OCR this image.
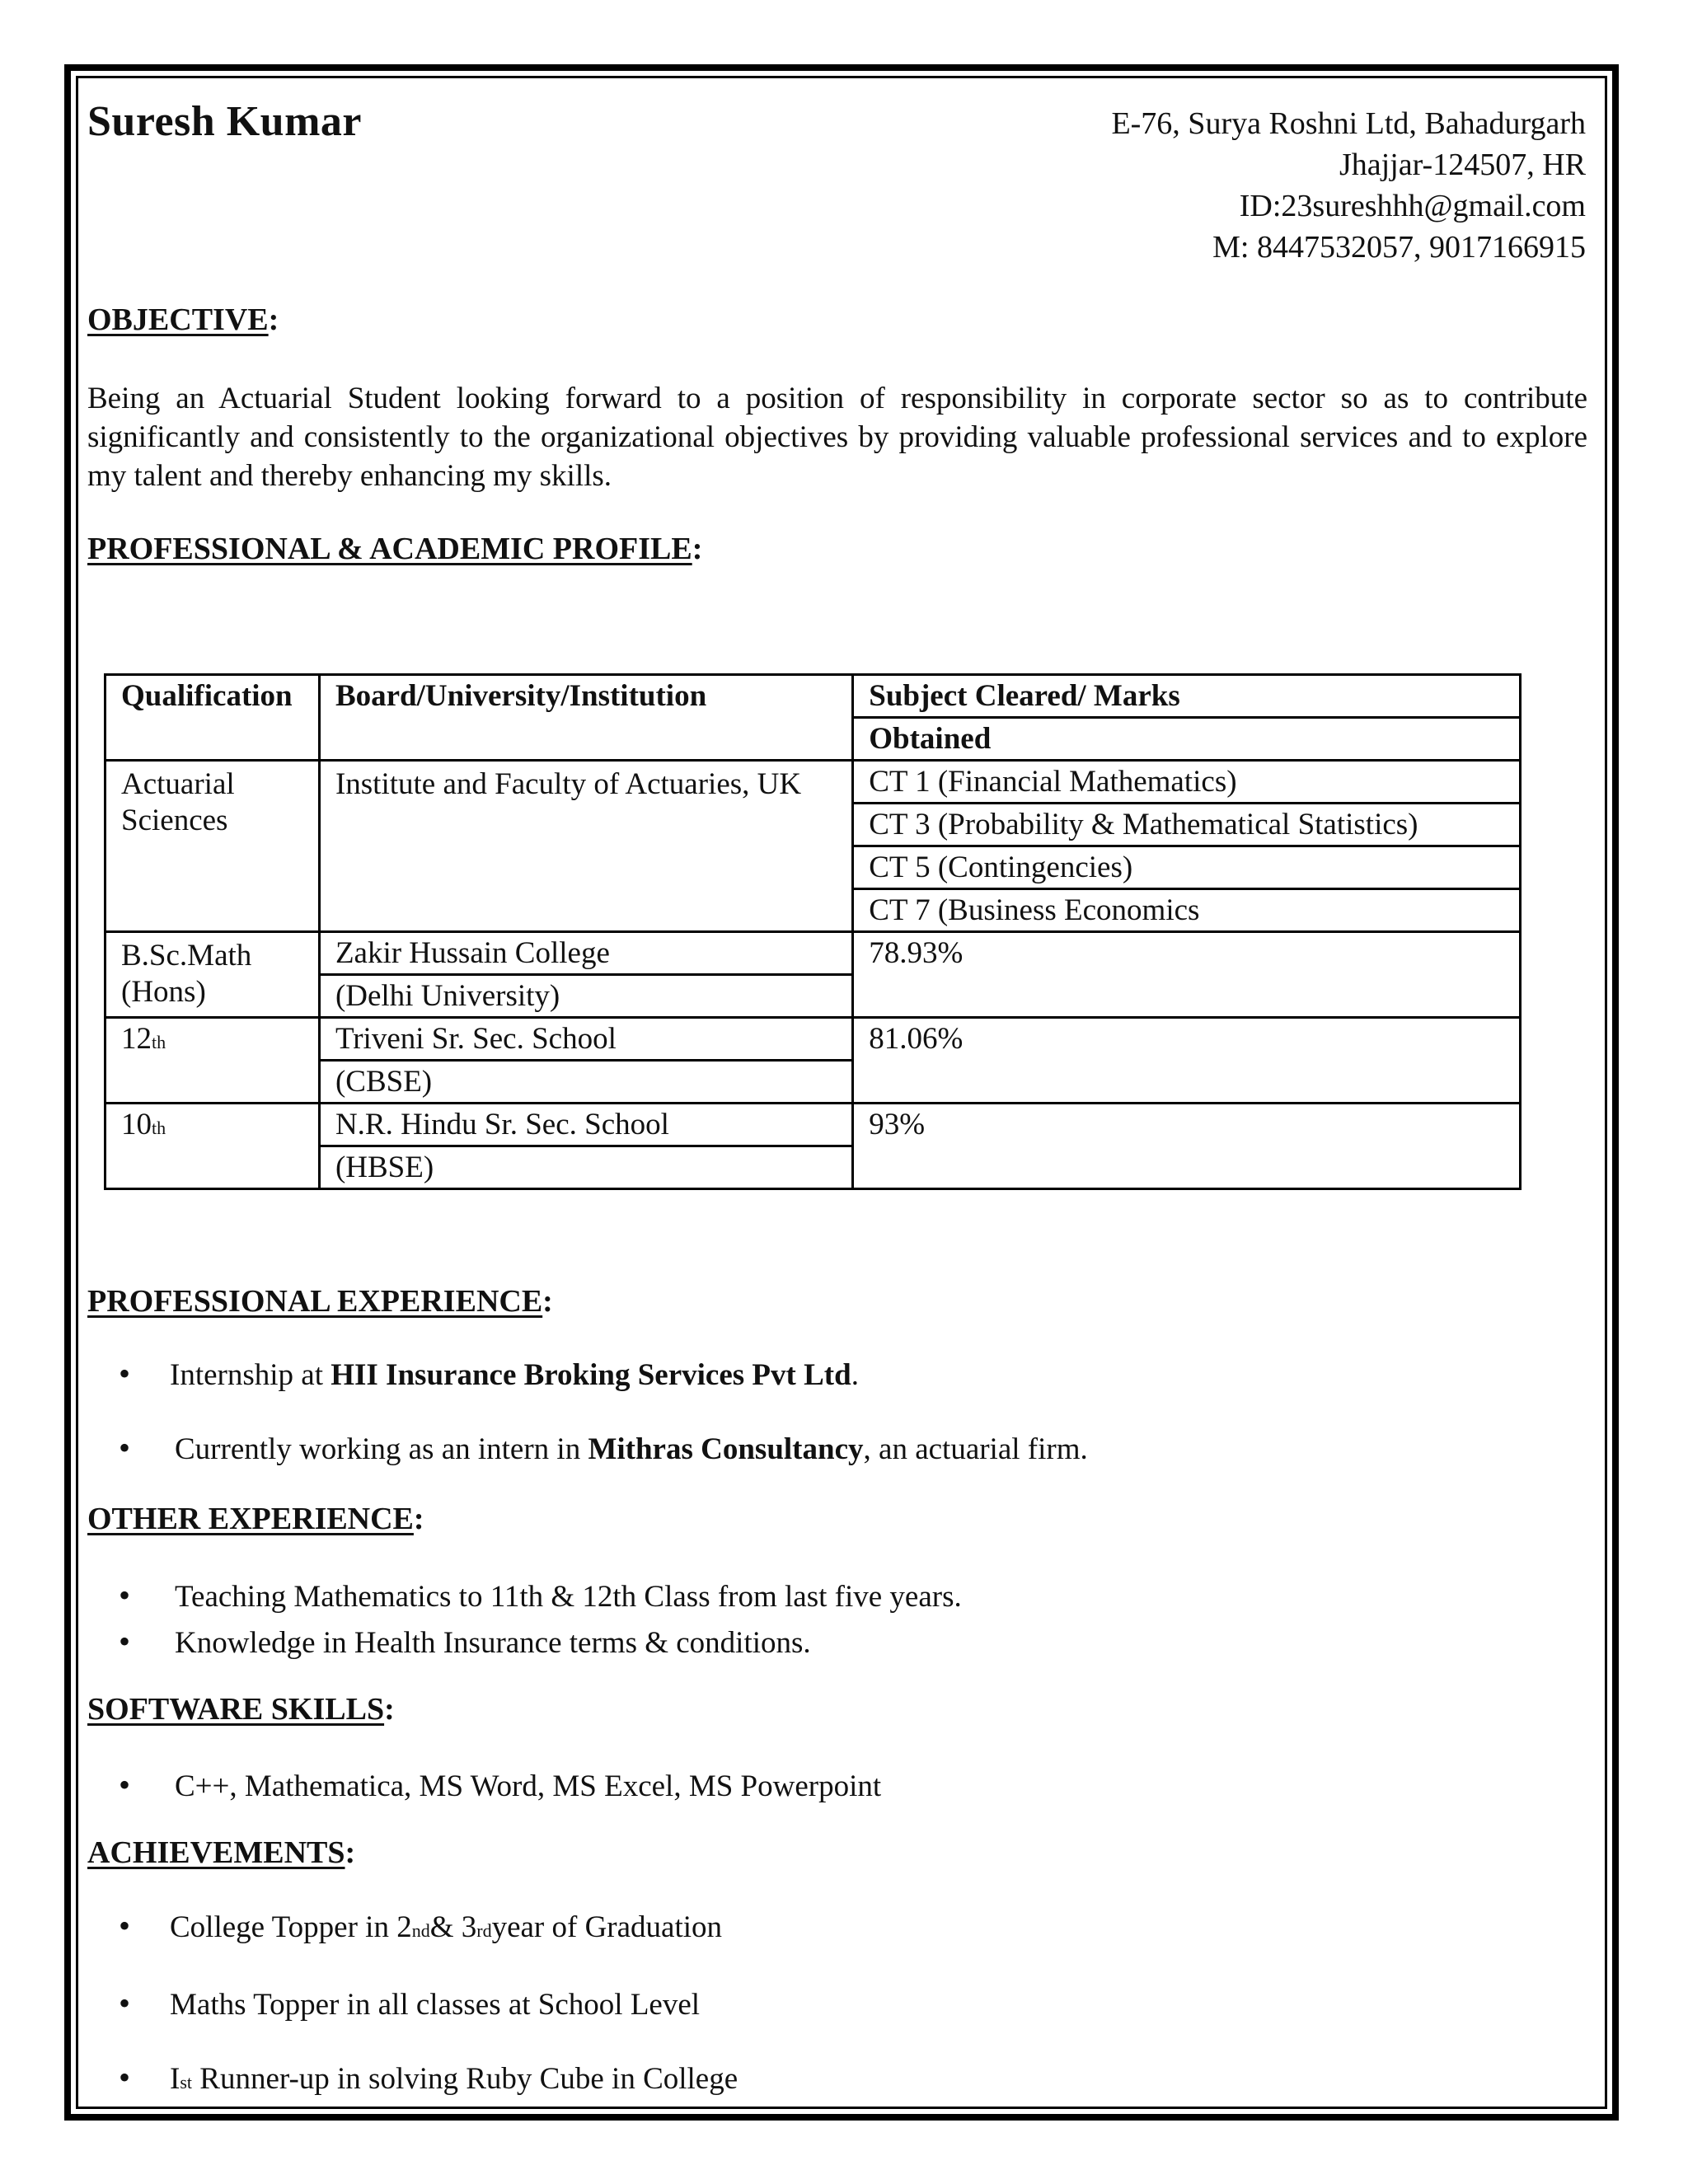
Suresh Kumar	E-76, Surya Roshni Ltd, Bahadurgarh
Jhajjar-124507, HR
ID:23sureshhh@gmail.com
M: 8447532057, 9017166915
OBJECTIVE:
Being an Actuarial Student looking forward to a position of responsibility in corporate sector so as to contribute significantly and consistently to the organizational objectives by providing valuable professional services and to explore my talent and thereby enhancing my skills.
PROFESSIONAL & ACADEMIC PROFILE:
Qualification	Board/University/Institution	Subject Cleared/ Marks
		Obtained
Actuarial Sciences	Institute and Faculty of Actuaries, UK	CT 1 (Financial Mathematics)
		CT 3 (Probability & Mathematical Statistics)
		CT 5 (Contingencies)
		CT 7 (Business Economics
B.Sc.Math (Hons)	Zakir Hussain College	78.93%
	(Delhi University)	
12th	Triveni Sr. Sec. School	81.06%
	(CBSE)	
10th	N.R. Hindu Sr. Sec. School	93%
	(HBSE)	
PROFESSIONAL EXPERIENCE:
• Internship at HII Insurance Broking Services Pvt Ltd.
• Currently working as an intern in Mithras Consultancy, an actuarial firm.
OTHER EXPERIENCE:
• Teaching Mathematics to 11th & 12th Class from last five years.
• Knowledge in Health Insurance terms & conditions.
SOFTWARE SKILLS:
• C++, Mathematica, MS Word, MS Excel, MS Powerpoint
ACHIEVEMENTS:
• College Topper in 2nd& 3rdyear of Graduation
• Maths Topper in all classes at School Level
• Ist Runner-up in solving Ruby Cube in College
